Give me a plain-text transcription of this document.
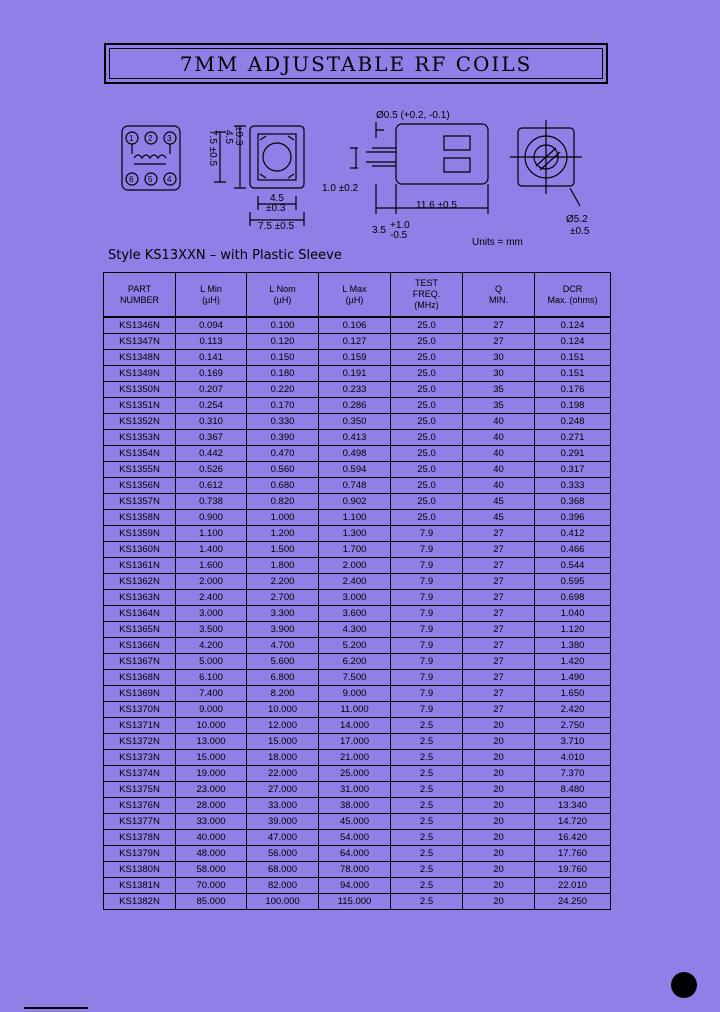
7MM ADJUSTABLE RF COILS
Ø0.5 (+0.2, -0.1)
1.0 ±0.2
11.6 ±0.5
3.5 +1.0
-0.5
4.5
±0.3
7.5 ±0.5
Ø5.2
±0.5
Units = mm
1 2 3
6 5 4
4.5 ±0.3
7.5 ±0.5
Style KS13XXN – with Plastic Sleeve
PART
NUMBER	L Min
(µH)	L Nom
(µH)	L Max
(µH)	TEST
FREQ.
(MHz)	Q
MIN.	DCR
Max. (ohms)
KS1346N	0.094	0.100	0.106	25.0	27	0.124
KS1347N	0.113	0.120	0.127	25.0	27	0.124
KS1348N	0.141	0.150	0.159	25.0	30	0.151
KS1349N	0.169	0.180	0.191	25.0	30	0.151
KS1350N	0.207	0.220	0.233	25.0	35	0.176
KS1351N	0.254	0.170	0.286	25.0	35	0.198
KS1352N	0.310	0.330	0.350	25.0	40	0.248
KS1353N	0.367	0.390	0.413	25.0	40	0.271
KS1354N	0.442	0.470	0.498	25.0	40	0.291
KS1355N	0.526	0.560	0.594	25.0	40	0.317
KS1356N	0.612	0.680	0.748	25.0	40	0.333
KS1357N	0.738	0.820	0.902	25.0	45	0.368
KS1358N	0.900	1.000	1.100	25.0	45	0.396
KS1359N	1.100	1.200	1.300	7.9	27	0.412
KS1360N	1.400	1.500	1.700	7.9	27	0.466
KS1361N	1.600	1.800	2.000	7.9	27	0.544
KS1362N	2.000	2.200	2.400	7.9	27	0.595
KS1363N	2.400	2.700	3.000	7.9	27	0.698
KS1364N	3.000	3.300	3.600	7.9	27	1.040
KS1365N	3.500	3.900	4.300	7.9	27	1.120
KS1366N	4.200	4.700	5.200	7.9	27	1.380
KS1367N	5.000	5.600	6.200	7.9	27	1.420
KS1368N	6.100	6.800	7.500	7.9	27	1.490
KS1369N	7.400	8.200	9.000	7.9	27	1.650
KS1370N	9.000	10.000	11.000	7.9	27	2.420
KS1371N	10.000	12.000	14.000	2.5	20	2.750
KS1372N	13.000	15.000	17.000	2.5	20	3.710
KS1373N	15.000	18.000	21.000	2.5	20	4.010
KS1374N	19.000	22.000	25.000	2.5	20	7.370
KS1375N	23.000	27.000	31.000	2.5	20	8.480
KS1376N	28.000	33.000	38.000	2.5	20	13.340
KS1377N	33.000	39.000	45.000	2.5	20	14.720
KS1378N	40.000	47.000	54.000	2.5	20	16.420
KS1379N	48.000	56.000	64.000	2.5	20	17.760
KS1380N	58.000	68.000	78.000	2.5	20	19.760
KS1381N	70.000	82.000	94.000	2.5	20	22.010
KS1382N	85.000	100.000	115.000	2.5	20	24.250
